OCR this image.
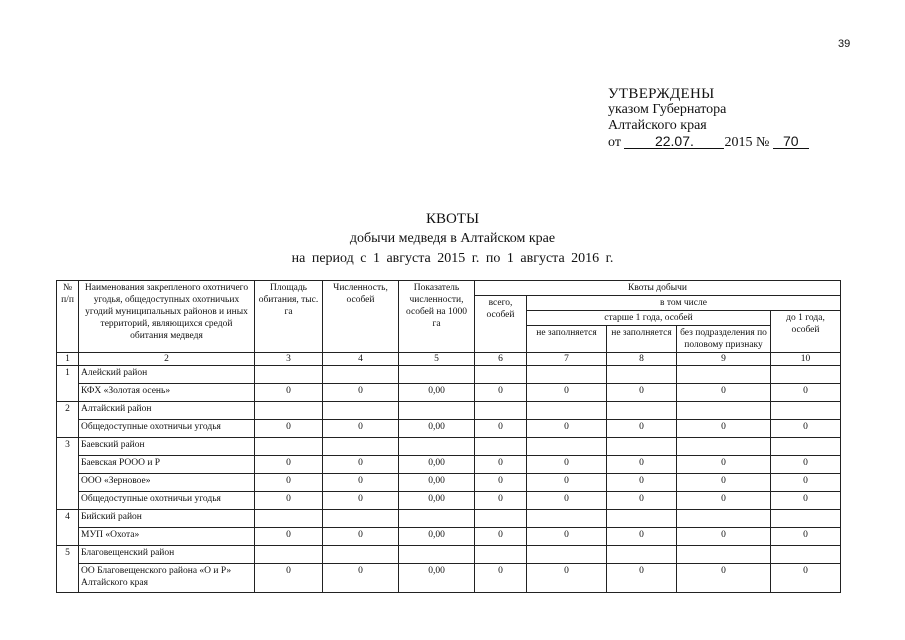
39
УТВЕРЖДЕНЫ
указом Губернатора
Алтайского края
от 22.07. 2015 № 70
КВОТЫ
добычи медведя в Алтайском крае
на период с 1 августа 2015 г. по 1 августа 2016 г.
№ п/п	Наименования закрепленого охотничего угодья, общедоступных охотничьих угодий муниципальных районов и иных территорий, являющихся средой обитания медведя	Площадь обитания, тыс. га	Численность, особей	Показатель численности, особей на 1000 га	Квоты добычи				
					всего, особей	в том числе			
						старше 1 года, особей			до 1 года, особей
						не заполняется	не заполняется	без подразделения по половому признаку	
1	2	3	4	5	6	7	8	9	10
1	Алейский район								
	КФХ «Золотая осень»	0	0	0,00	0	0	0	0	0
2	Алтайский район								
	Общедоступные охотничьи угодья	0	0	0,00	0	0	0	0	0
3	Баевский район								
	Баевская РООО и Р	0	0	0,00	0	0	0	0	0
	ООО «Зерновое»	0	0	0,00	0	0	0	0	0
	Общедоступные охотничьи угодья	0	0	0,00	0	0	0	0	0
4	Бийский район								
	МУП «Охота»	0	0	0,00	0	0	0	0	0
5	Благовещенский район								
	ОО Благовещенского района «О и Р» Алтайского края	0	0	0,00	0	0	0	0	0
